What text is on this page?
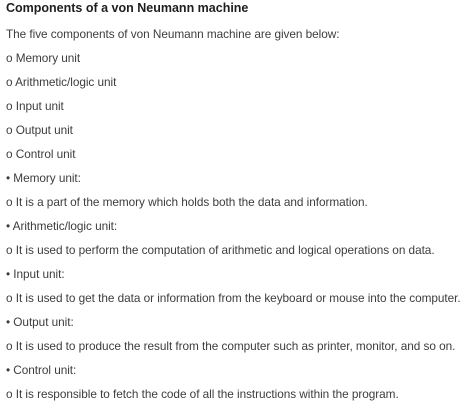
Components of a von Neumann machine
The five components of von Neumann machine are given below:
o Memory unit
o Arithmetic/logic unit
o Input unit
o Output unit
o Control unit
• Memory unit:
o It is a part of the memory which holds both the data and information.
• Arithmetic/logic unit:
o It is used to perform the computation of arithmetic and logical operations on data.
• Input unit:
o It is used to get the data or information from the keyboard or mouse into the computer.
• Output unit:
o It is used to produce the result from the computer such as printer, monitor, and so on.
• Control unit:
o It is responsible to fetch the code of all the instructions within the program.
